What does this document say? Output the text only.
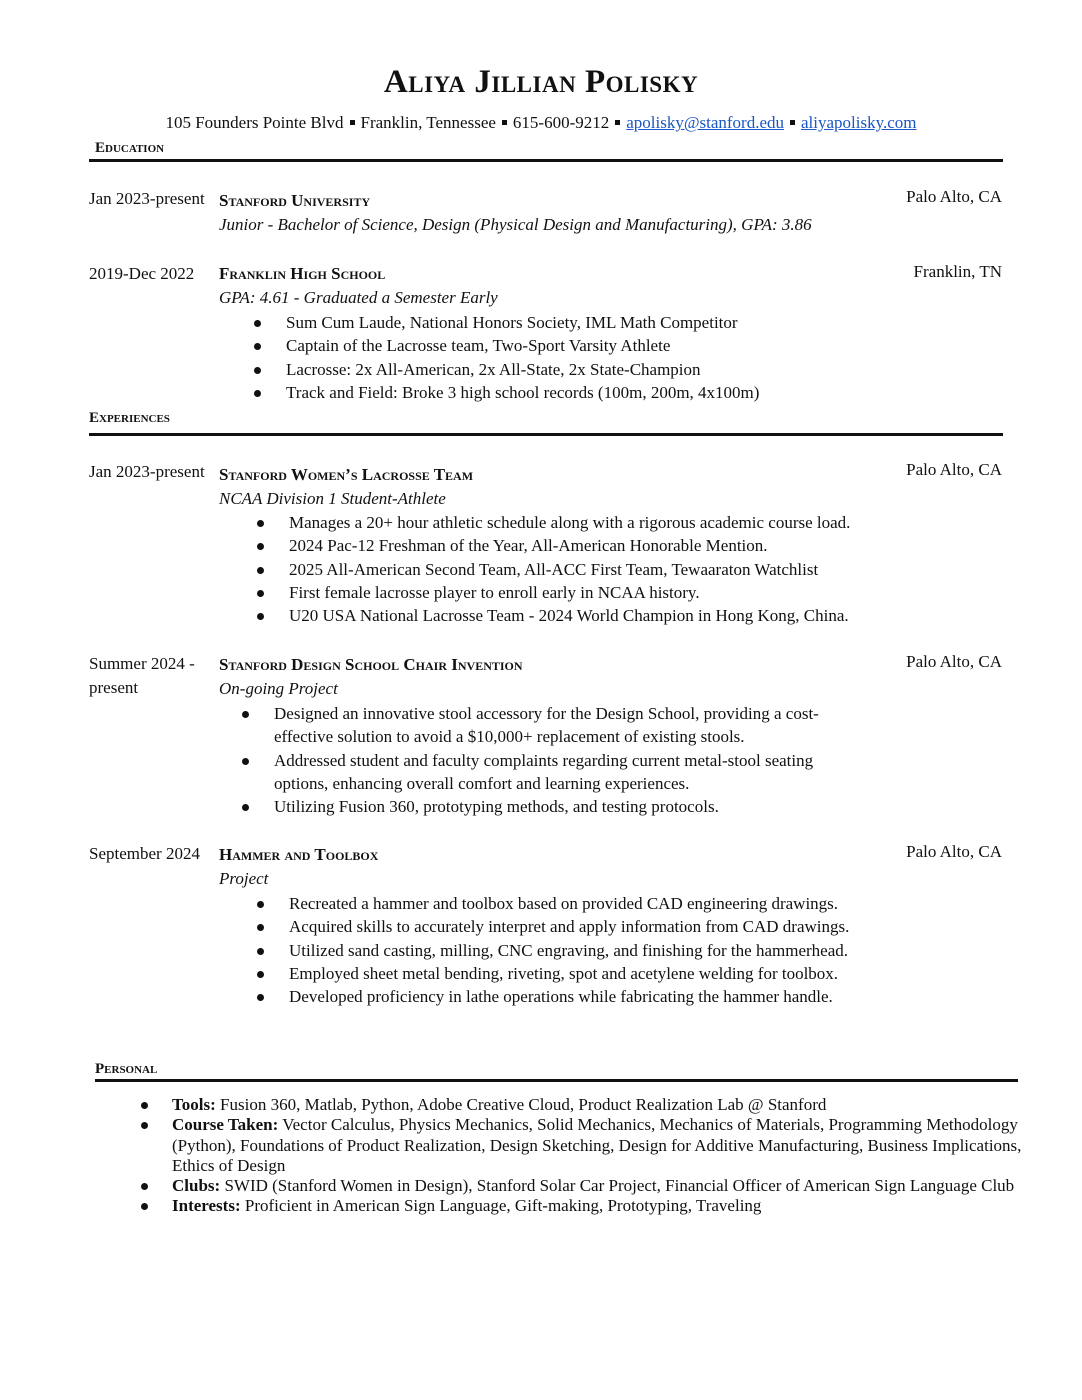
Aliya Jillian Polisky
105 Founders Pointe Blvd Franklin, Tennessee 615-600-9212 apolisky@stanford.edu aliyapolisky.com
Education
Jan 2023-present Stanford University	Palo Alto, CA
Junior - Bachelor of Science, Design (Physical Design and Manufacturing), GPA: 3.86
2019-Dec 2022 Franklin High School	Franklin, TN
GPA: 4.61 - Graduated a Semester Early
Sum Cum Laude, National Honors Society, IML Math Competitor
Captain of the Lacrosse team, Two-Sport Varsity Athlete
Lacrosse: 2x All-American, 2x All-State, 2x State-Champion
Track and Field: Broke 3 high school records (100m, 200m, 4x100m)
Experiences
Jan 2023-present Stanford Women’s Lacrosse Team	Palo Alto, CA
NCAA Division 1 Student-Athlete
Manages a 20+ hour athletic schedule along with a rigorous academic course load.
2024 Pac-12 Freshman of the Year, All-American Honorable Mention.
2025 All-American Second Team, All-ACC First Team, Tewaaraton Watchlist
First female lacrosse player to enroll early in NCAA history.
U20 USA National Lacrosse Team - 2024 World Champion in Hong Kong, China.
Summer 2024 - present
Stanford Design School Chair Invention	Palo Alto, CA
On-going Project
Designed an innovative stool accessory for the Design School, providing a cost-effective solution to avoid a $10,000+ replacement of existing stools.
Addressed student and faculty complaints regarding current metal-stool seating options, enhancing overall comfort and learning experiences.
Utilizing Fusion 360, prototyping methods, and testing protocols.
September 2024 Hammer and Toolbox	Palo Alto, CA
Project
Recreated a hammer and toolbox based on provided CAD engineering drawings.
Acquired skills to accurately interpret and apply information from CAD drawings.
Utilized sand casting, milling, CNC engraving, and finishing for the hammerhead.
Employed sheet metal bending, riveting, spot and acetylene welding for toolbox.
Developed proficiency in lathe operations while fabricating the hammer handle.
Personal
Tools: Fusion 360, Matlab, Python, Adobe Creative Cloud, Product Realization Lab @ Stanford
Course Taken: Vector Calculus, Physics Mechanics, Solid Mechanics, Mechanics of Materials, Programming Methodology (Python), Foundations of Product Realization, Design Sketching, Design for Additive Manufacturing, Business Implications, Ethics of Design
Clubs: SWID (Stanford Women in Design), Stanford Solar Car Project, Financial Officer of American Sign Language Club
Interests: Proficient in American Sign Language, Gift-making, Prototyping, Traveling
